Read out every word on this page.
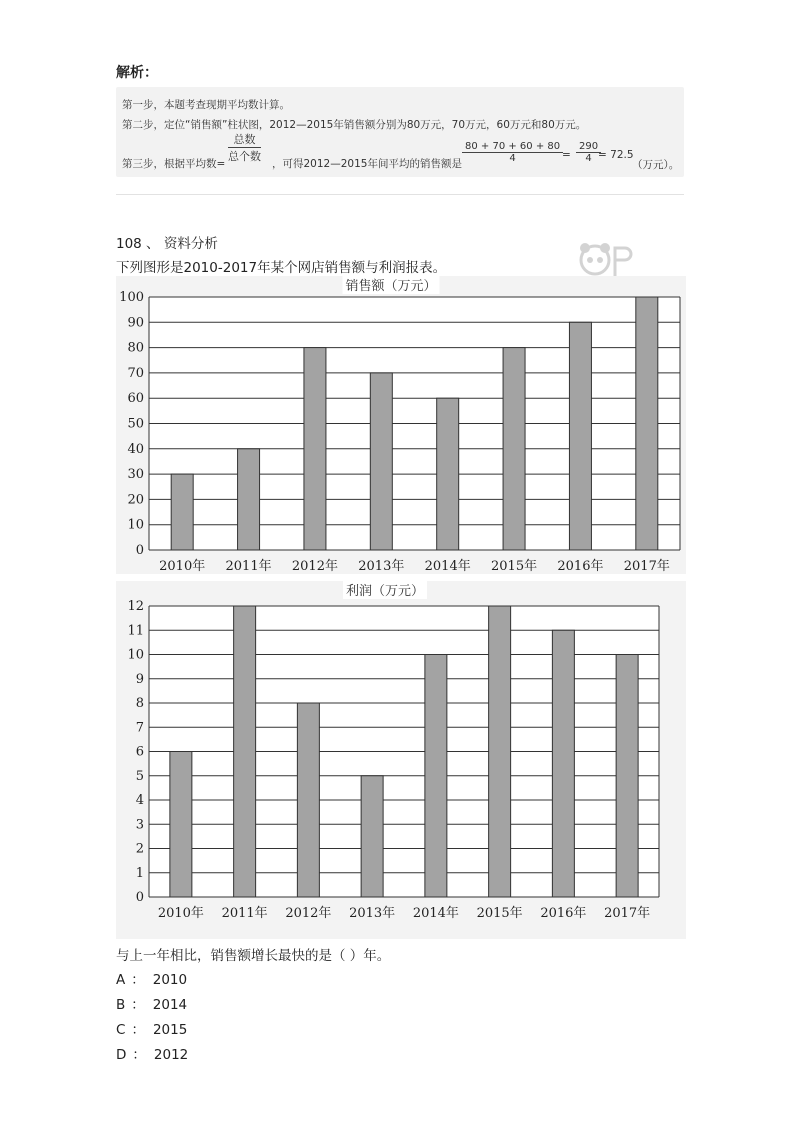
解析：
第一步，本题考查现期平均数计算。
第二步，定位“销售额”柱状图，2012—2015年销售额分别为80万元，70万元，60万元和80万元。
第三步，根据平均数=
总数
总个数
，可得2012—2015年间平均的销售额是 $\frac{80 + 70 + 60 + 80}{4}$
= $\frac{290}{4}$
= 72.5
（万元）。
108 、 资料分析
下列图形是2010-2017年某个网店销售额与利润报表。
0
10
20
30
40
50
60
70
80
90
100
销售额（万元）
2010年 2011年 2012年 2013年 2014年 2015年 2016年 2017年
0
1
2
3
4
5
6
7
8
9
10
11
12
利润（万元）
2010年 2011年 2012年 2013年 2014年 2015年 2016年 2017年
与上一年相比，销售额增长最快的是（ ）年。
A ： 2010
B ： 2014
C ： 2015
D ： 2012
